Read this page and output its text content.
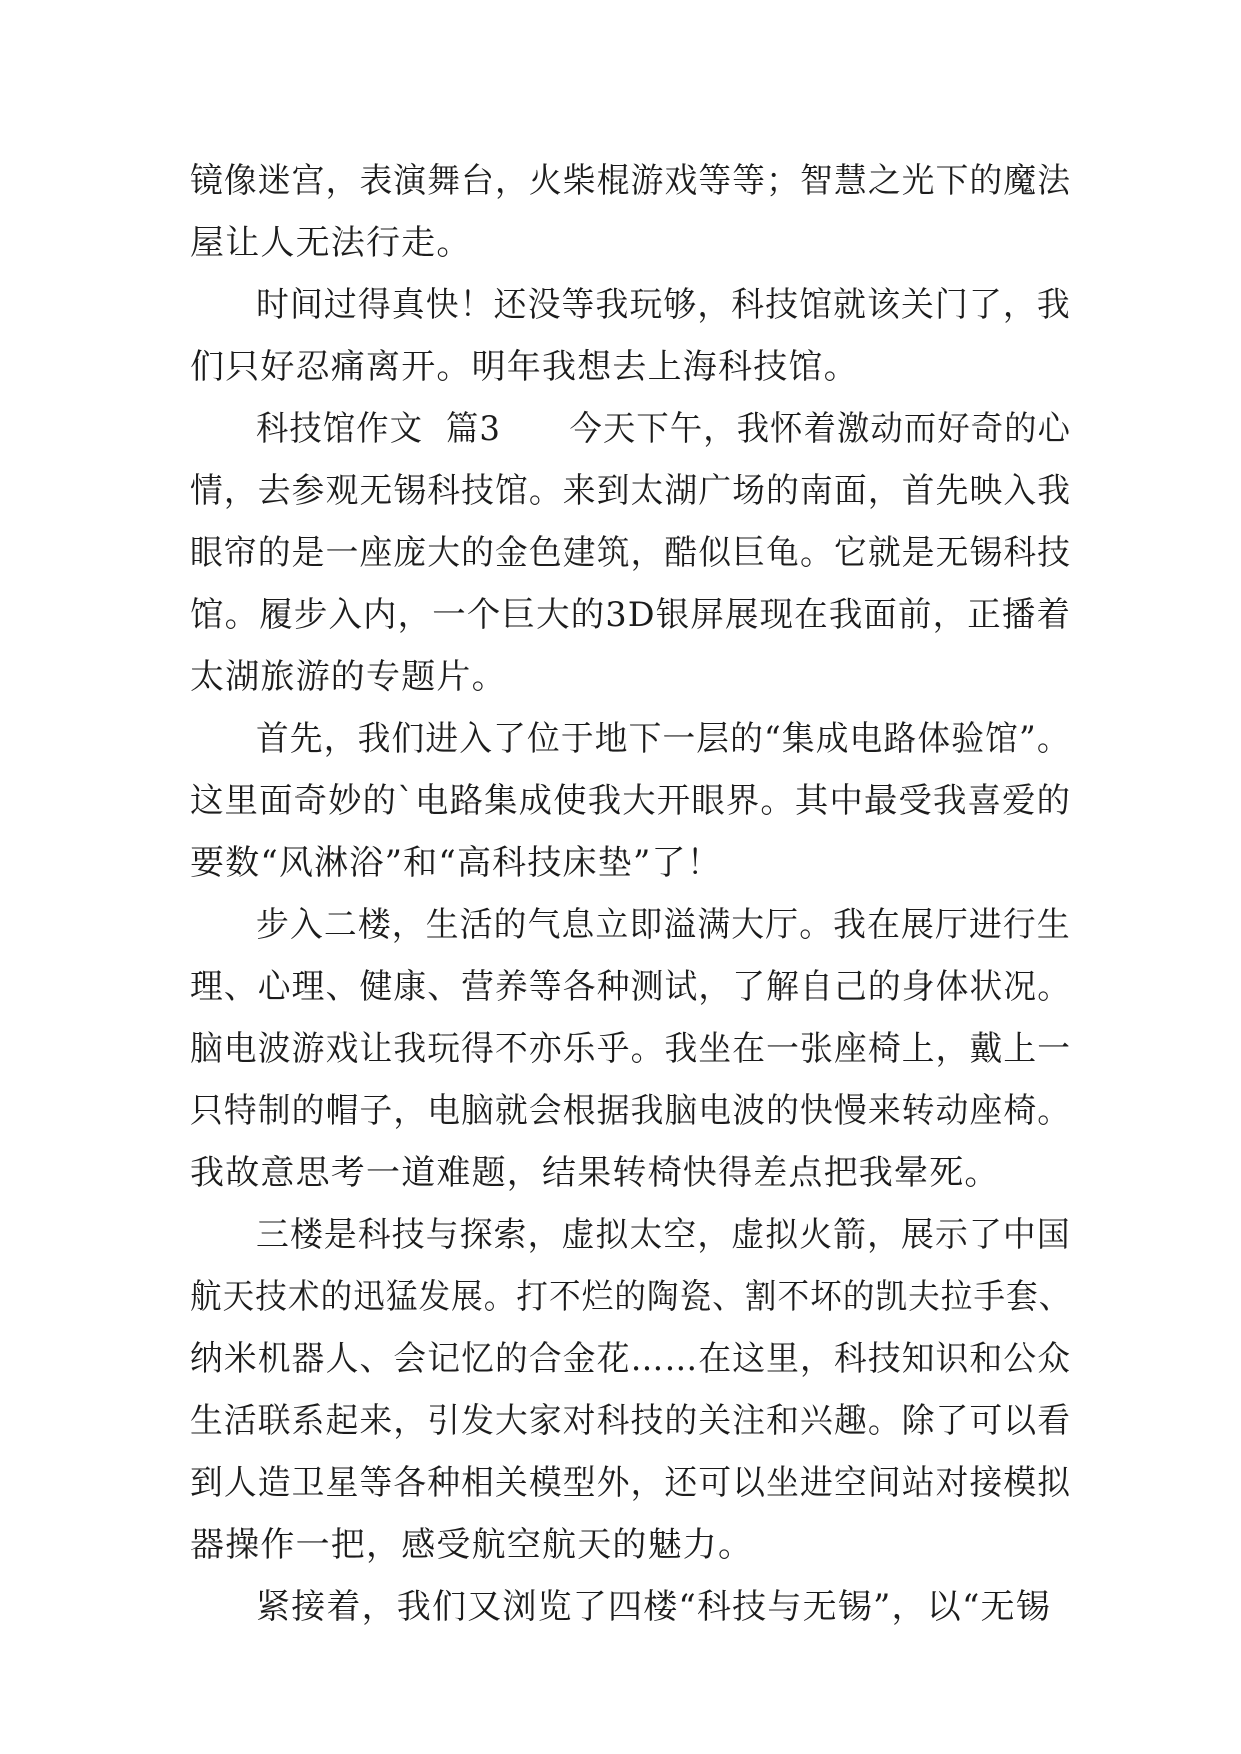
镜像迷宫，表演舞台，火柴棍游戏等等；智慧之光下的魔法
屋让人无法行走。
时间过得真快！还没等我玩够，科技馆就该关门了，我
们只好忍痛离开。明年我想去上海科技馆。
科技馆作文  篇3      今天下午，我怀着激动而好奇的心
情，去参观无锡科技馆。来到太湖广场的南面，首先映入我
眼帘的是一座庞大的金色建筑，酷似巨龟。它就是无锡科技
馆。履步入内，一个巨大的3D银屏展现在我面前，正播着
太湖旅游的专题片。
首先，我们进入了位于地下一层的“集成电路体验馆”。
这里面奇妙的`电路集成使我大开眼界。其中最受我喜爱的
要数“风淋浴”和“高科技床垫”了！
步入二楼，生活的气息立即溢满大厅。我在展厅进行生
理、心理、健康、营养等各种测试，了解自己的身体状况。
脑电波游戏让我玩得不亦乐乎。我坐在一张座椅上，戴上一
只特制的帽子，电脑就会根据我脑电波的快慢来转动座椅。
我故意思考一道难题，结果转椅快得差点把我晕死。
三楼是科技与探索，虚拟太空，虚拟火箭，展示了中国
航天技术的迅猛发展。打不烂的陶瓷、割不坏的凯夫拉手套、
纳米机器人、会记忆的合金花……在这里，科技知识和公众
生活联系起来，引发大家对科技的关注和兴趣。除了可以看
到人造卫星等各种相关模型外，还可以坐进空间站对接模拟
器操作一把，感受航空航天的魅力。
紧接着，我们又浏览了四楼“科技与无锡”，以“无锡
